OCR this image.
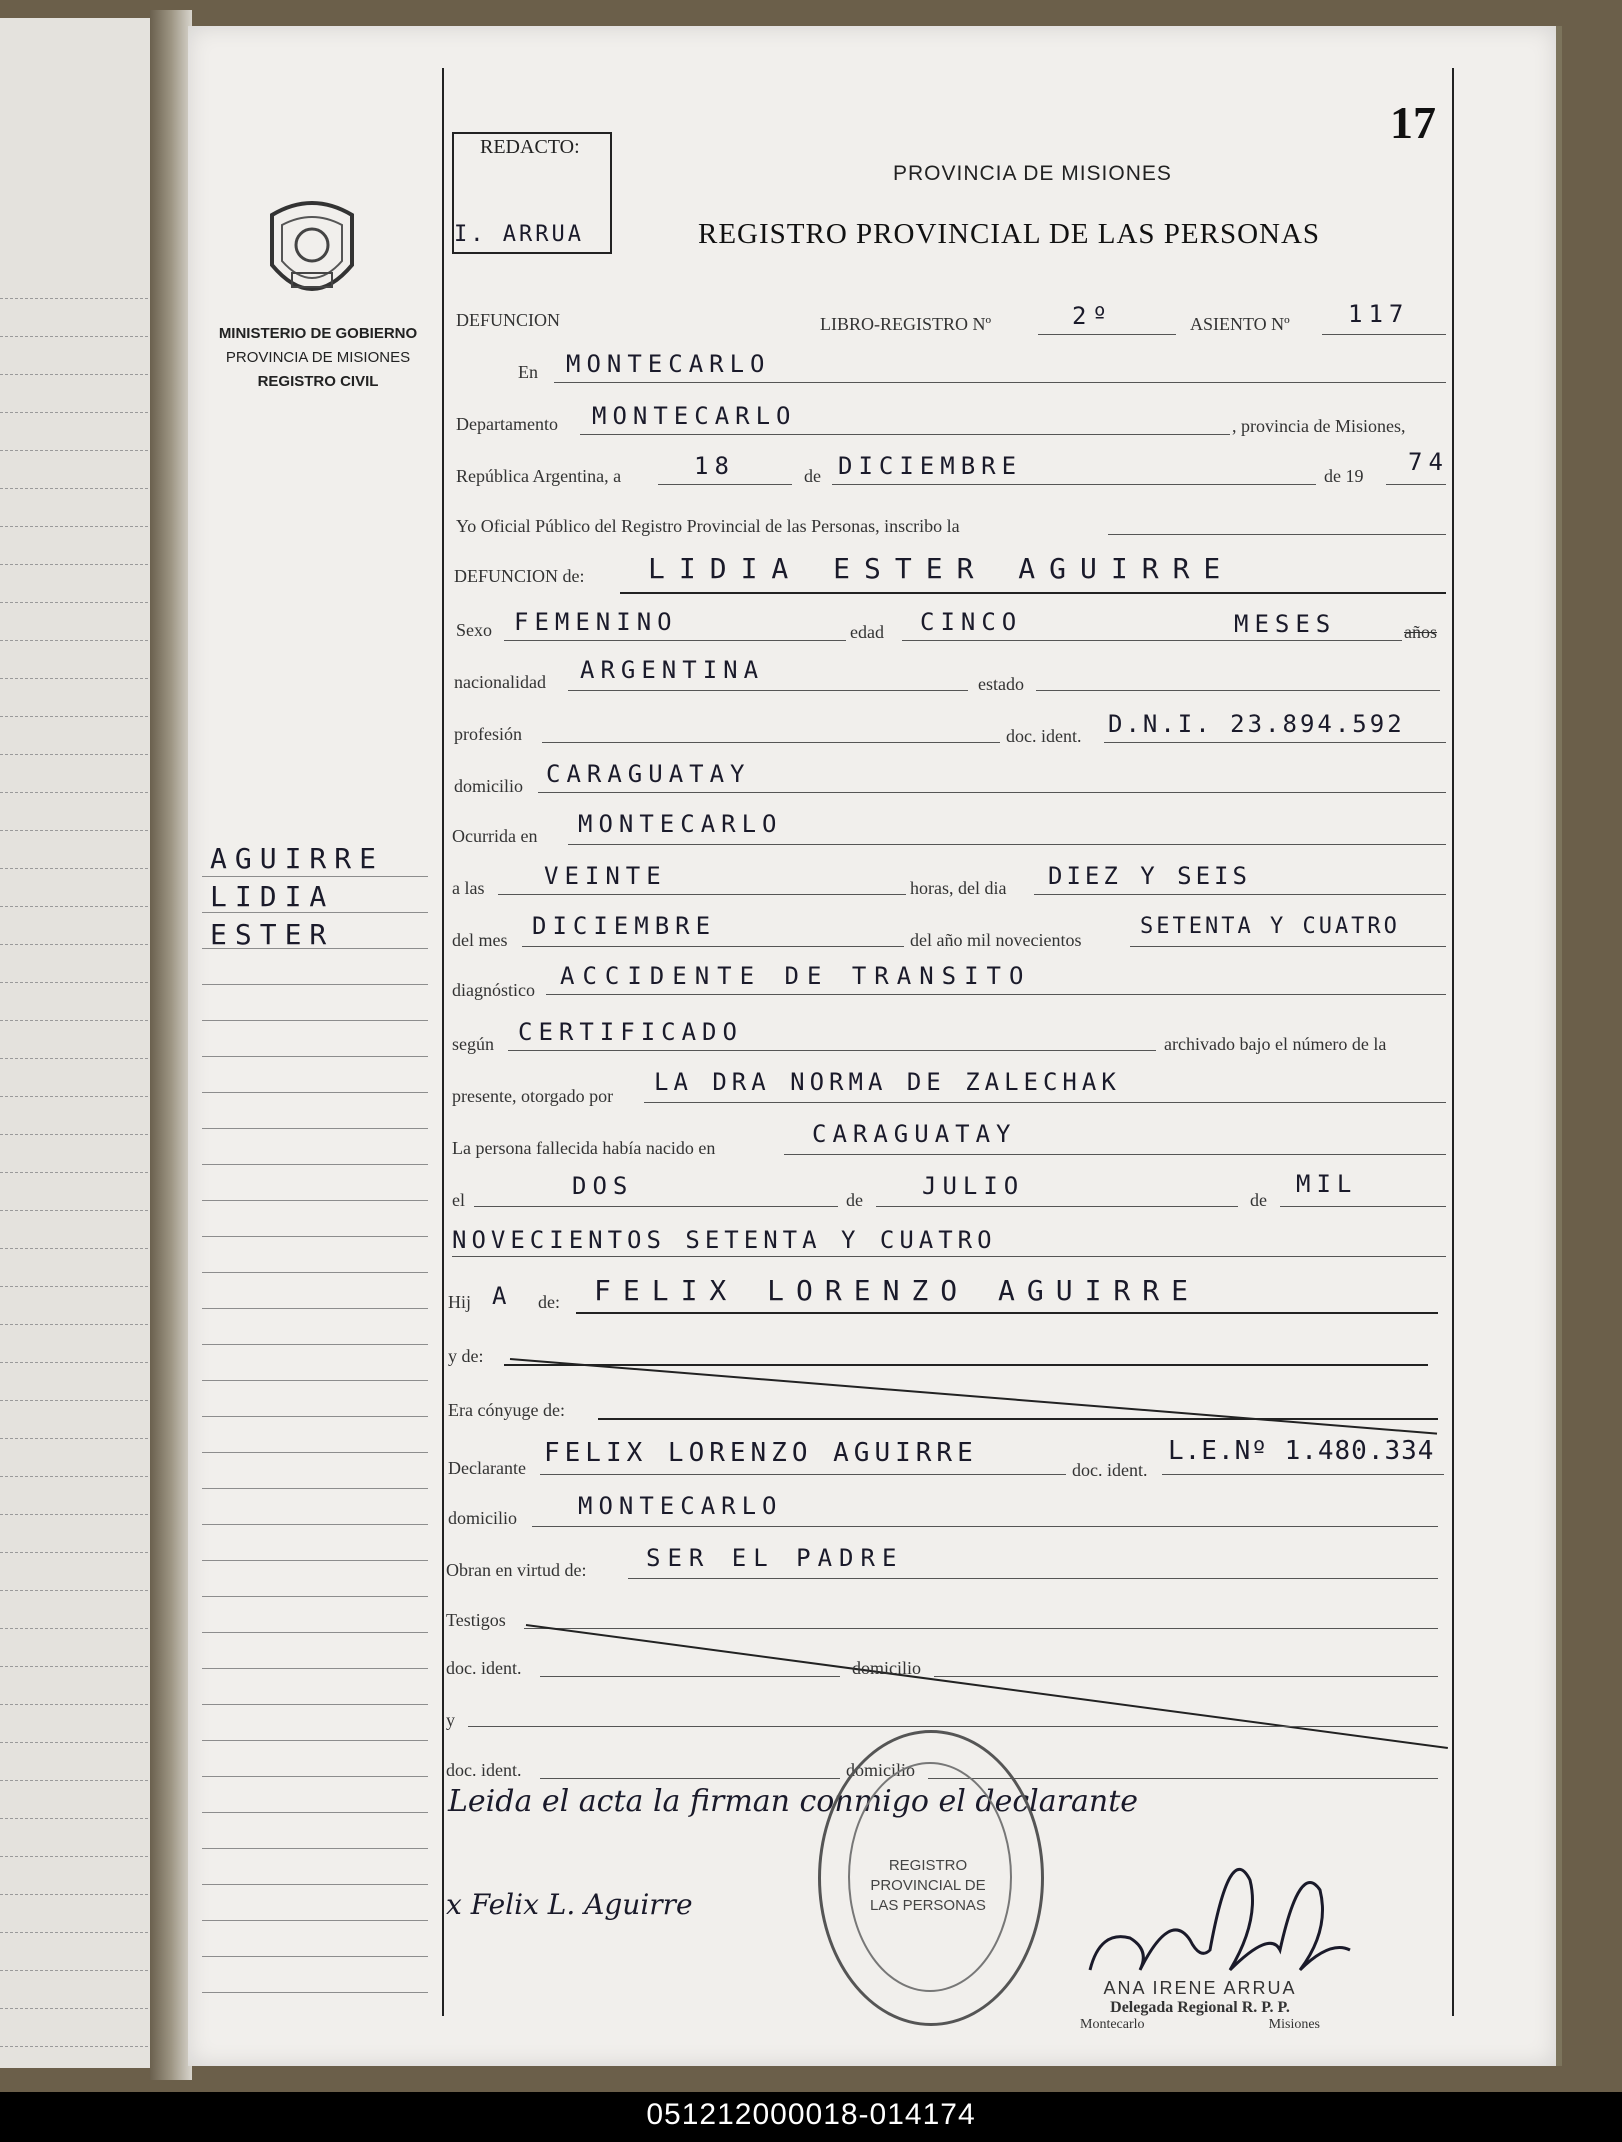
MINISTERIO DE GOBIERNO
PROVINCIA DE MISIONES
REGISTRO CIVIL
AGUIRRE
LIDIA
ESTER
REDACTO:
I. ARRUA
17
PROVINCIA DE MISIONES
REGISTRO PROVINCIAL DE LAS PERSONAS
DEFUNCION	LIBRO-REGISTRO Nº	2º	ASIENTO Nº 117
En MONTECARLO
Departamento MONTECARLO	, provincia de Misiones,
República Argentina, a	18	de DICIEMBRE	de 19 74
Yo Oficial Público del Registro Provincial de las Personas, inscribo la
DEFUNCION de: LIDIA ESTER AGUIRRE
Sexo FEMENINO	edad CINCO	MESES	años
nacionalidad ARGENTINA	estado
profesión	doc. ident. D.N.I. 23.894.592
domicilio CARAGUATAY
Ocurrida en MONTECARLO
a las VEINTE	horas, del dia DIEZ Y SEIS
del mes DICIEMBRE	del año mil novecientos
SETENTA Y CUATRO
diagnóstico ACCIDENTE DE TRANSITO
según CERTIFICADO	archivado bajo el número de la
presente, otorgado por LA DRA NORMA DE ZALECHAK
La persona fallecida había nacido en	CARAGUATAY
el	DOS	de JULIO	de
MIL
NOVECIENTOS SETENTA Y CUATRO
Hij A de: FELIX LORENZO AGUIRRE
y de:
Era cónyuge de:
Declarante FELIX LORENZO AGUIRRE
doc. ident.
L.E.Nº 1.480.334
domicilio	MONTECARLO
Obran en virtud de: SER EL PADRE
Testigos
doc. ident.	domicilio
y
doc. ident.	domicilio
Leida el acta la firman conmigo el declarante
x Felix L. Aguirre
REGISTRO PROVINCIAL DE LAS PERSONAS
ANA IRENE ARRUA
Delegada Regional R. P. P.
Montecarlo	Misiones
051212000018-014174
